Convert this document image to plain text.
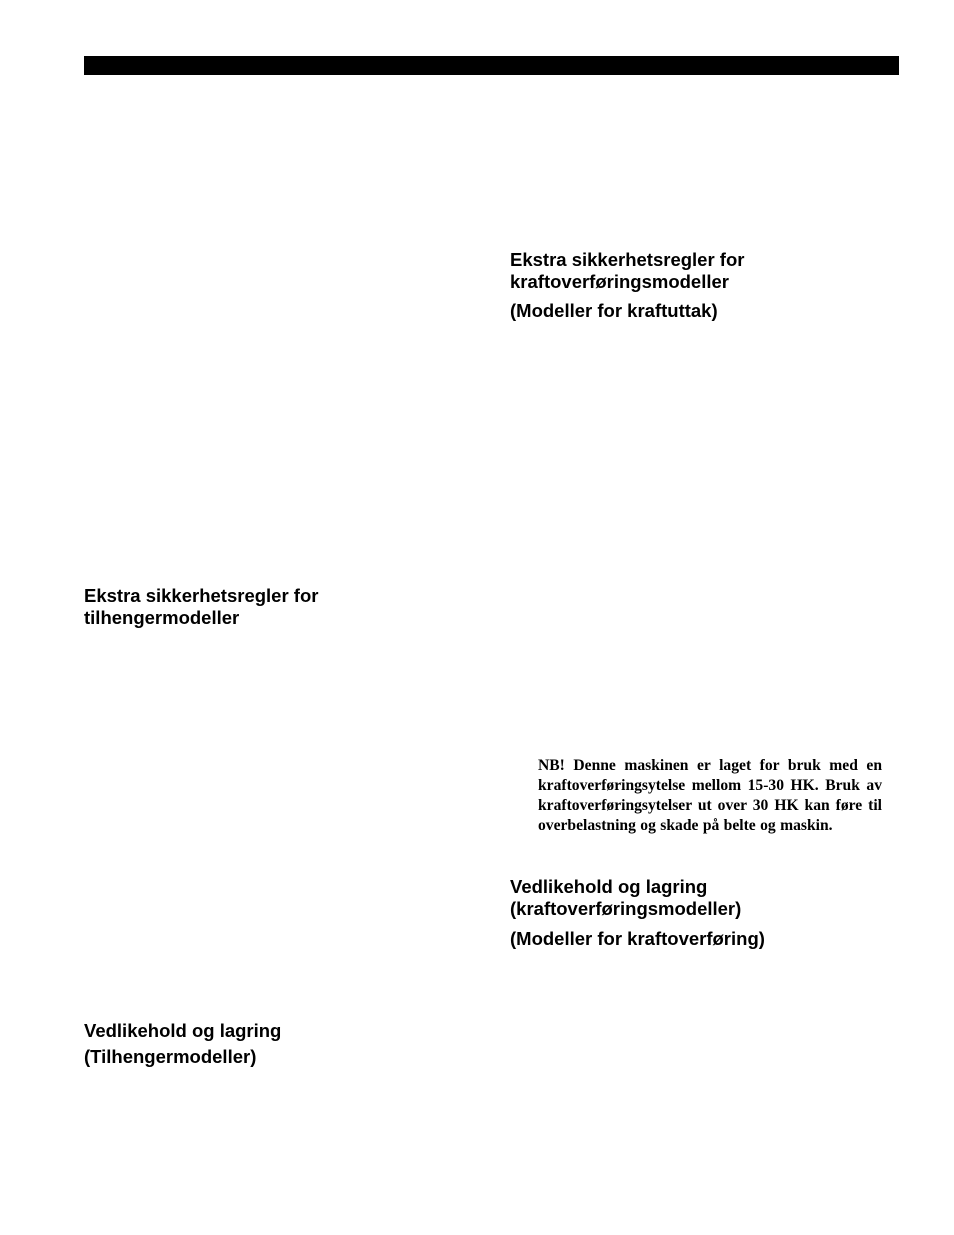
Ekstra sikkerhetsregler for
kraftoverføringsmodeller
(Modeller for kraftuttak)
Ekstra sikkerhetsregler for
tilhengermodeller

NB! Denne maskinen er laget for bruk med en kraftoverføringsytelse mellom 15-30 HK. Bruk av kraftoverføringsytelser ut over 30 HK kan føre til overbelastning og skade på belte og maskin.

Vedlikehold og lagring
(kraftoverføringsmodeller)
(Modeller for kraftoverføring)
Vedlikehold og lagring
(Tilhengermodeller)
